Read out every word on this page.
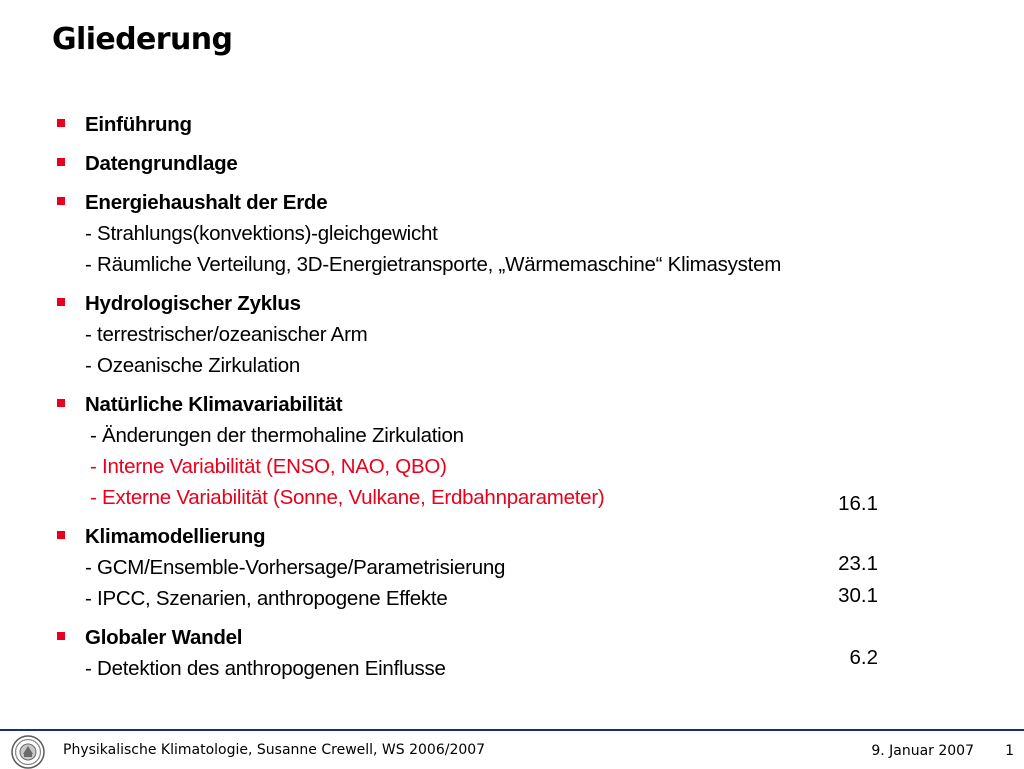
Gliederung
Einführung
Datengrundlage
Energiehaushalt der Erde
- Strahlungs(konvektions)-gleichgewicht
- Räumliche Verteilung, 3D-Energietransporte, „Wärmemaschine“ Klimasystem
Hydrologischer Zyklus
- terrestrischer/ozeanischer Arm
- Ozeanische Zirkulation
Natürliche Klimavariabilität
- Änderungen der thermohaline Zirkulation
- Interne Variabilität (ENSO, NAO, QBO)
- Externe Variabilität (Sonne, Vulkane, Erdbahnparameter)
Klimamodellierung
- GCM/Ensemble-Vorhersage/Parametrisierung
- IPCC, Szenarien, anthropogene Effekte
Globaler Wandel
- Detektion des anthropogenen Einflusse
16.1
23.1
30.1
6.2
Physikalische Klimatologie, Susanne Crewell, WS 2006/2007	9. Januar 2007 1
